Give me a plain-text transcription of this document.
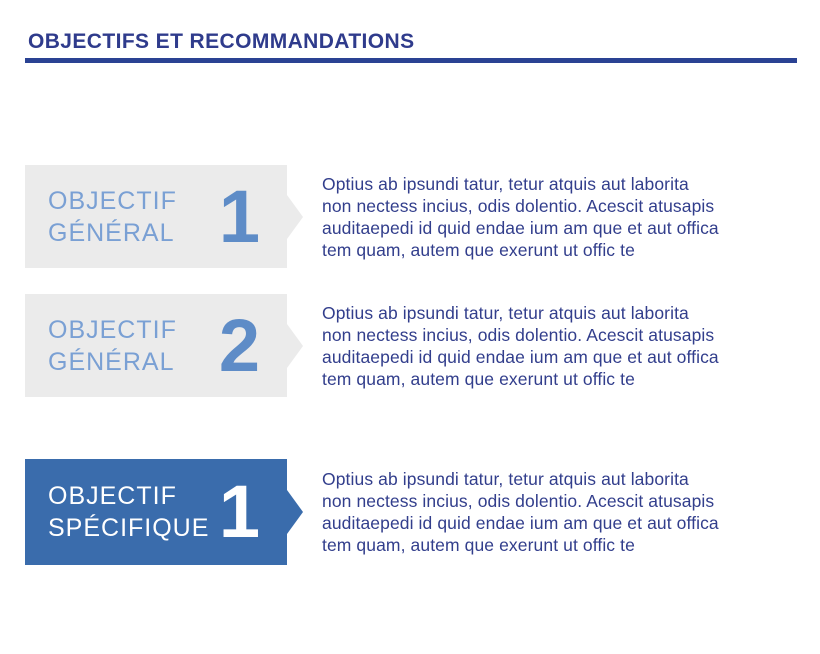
OBJECTIFS ET RECOMMANDATIONS
OBJECTIF
GÉNÉRAL 1	Optius ab ipsundi tatur, tetur atquis aut laborita
non nectess incius, odis dolentio. Acescit atusapis
auditaepedi id quid endae ium am que et aut offica
tem quam, autem que exerunt ut offic te
OBJECTIF
GÉNÉRAL 2	Optius ab ipsundi tatur, tetur atquis aut laborita
non nectess incius, odis dolentio. Acescit atusapis
auditaepedi id quid endae ium am que et aut offica
tem quam, autem que exerunt ut offic te
OBJECTIF
SPÉCIFIQUE 1	Optius ab ipsundi tatur, tetur atquis aut laborita
non nectess incius, odis dolentio. Acescit atusapis
auditaepedi id quid endae ium am que et aut offica
tem quam, autem que exerunt ut offic te
